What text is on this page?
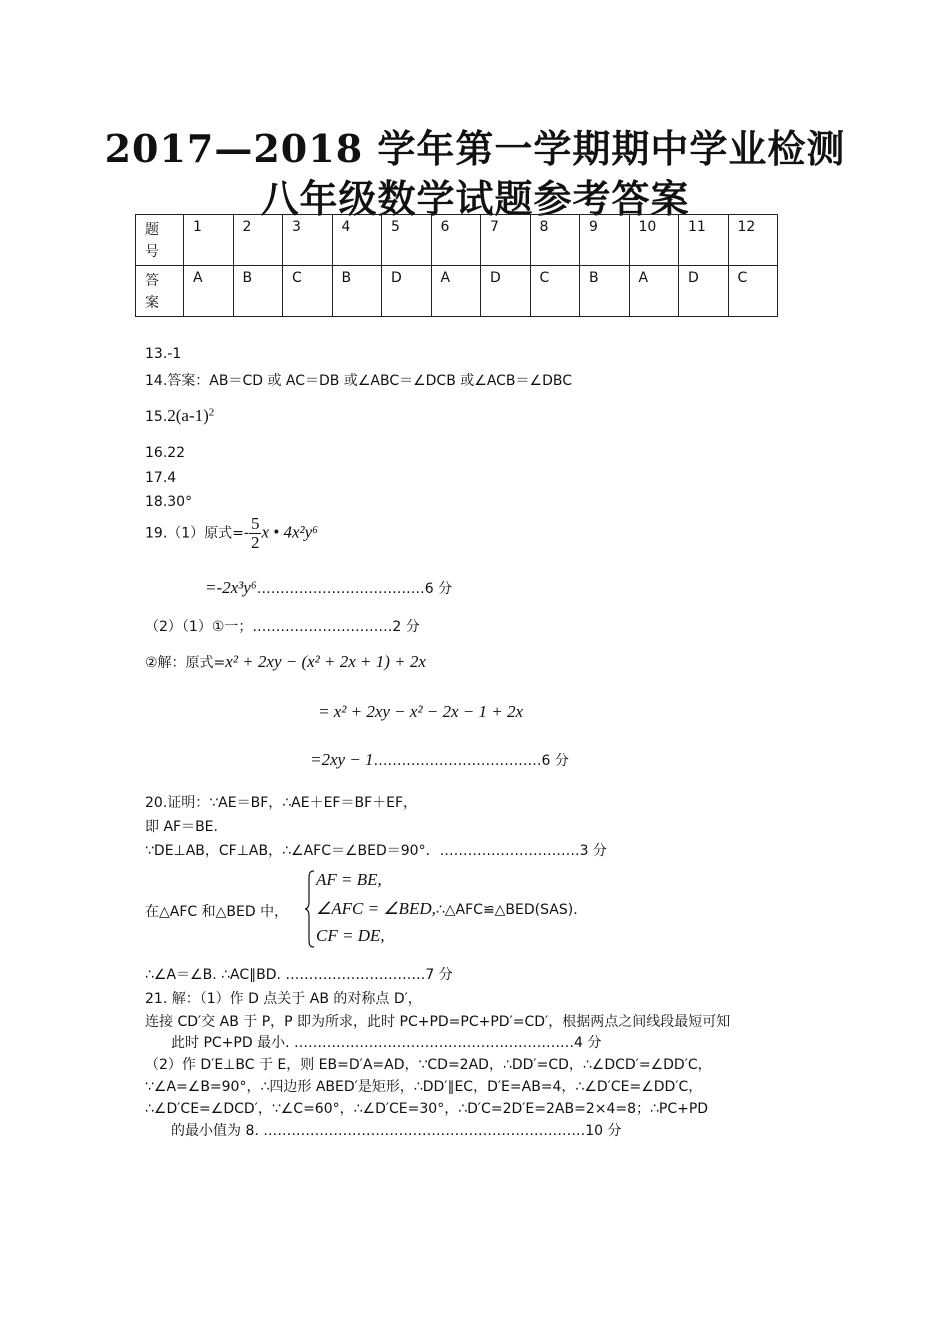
2017—2018 学年第一学期期中学业检测
八年级数学试题参考答案
题
号	1	2	3	4	5	6	7	8	9	10	11	12
答
案	A	B	C	B	D	A	D	C	B	A	D	C
13.-1
14.答案：AB＝CD 或 AC＝DB 或∠ABC＝∠DCB 或∠ACB＝∠DBC
$15.2(a-1)^2$
16.22
17.4
18.30°
19.（1）原式=- $\frac{5}{2}$ x • 4x²y⁶
=-2x³y⁶………………………………6 分
（2）（1）①一；…………………………2 分
②解：原式=x² + 2xy − (x² + 2x + 1) + 2x
= x² + 2xy − x² − 2x − 1 + 2x
=2xy − 1………………………………6 分
20.证明：∵AE＝BF，∴AE＋EF＝BF＋EF，
即 AF＝BE.
∵DE⊥AB，CF⊥AB，∴∠AFC＝∠BED＝90°．…………………………3 分
在△AFC 和△BED 中，
AF = BE,
∠AFC = ∠BED,∴△AFC≌△BED(SAS).
CF = DE,
∴∠A＝∠B. ∴AC∥BD. …………………………7 分
21. 解：（1）作 D 点关于 AB 的对称点 D′，
连接 CD′交 AB 于 P，P 即为所求，此时 PC+PD=PC+PD′=CD′，根据两点之间线段最短可知
此时 PC+PD 最小. ……………………………………………………4 分
（2）作 D′E⊥BC 于 E，则 EB=D′A=AD，∵CD=2AD，∴DD′=CD，∴∠DCD′=∠DD′C，
∵∠A=∠B=90°，∴四边形 ABED′是矩形，∴DD′∥EC，D′E=AB=4，∴∠D′CE=∠DD′C，
∴∠D′CE=∠DCD′，∵∠C=60°，∴∠D′CE=30°，∴D′C=2D′E=2AB=2×4=8；∴PC+PD
的最小值为 8. ……………………………………………………………10 分
